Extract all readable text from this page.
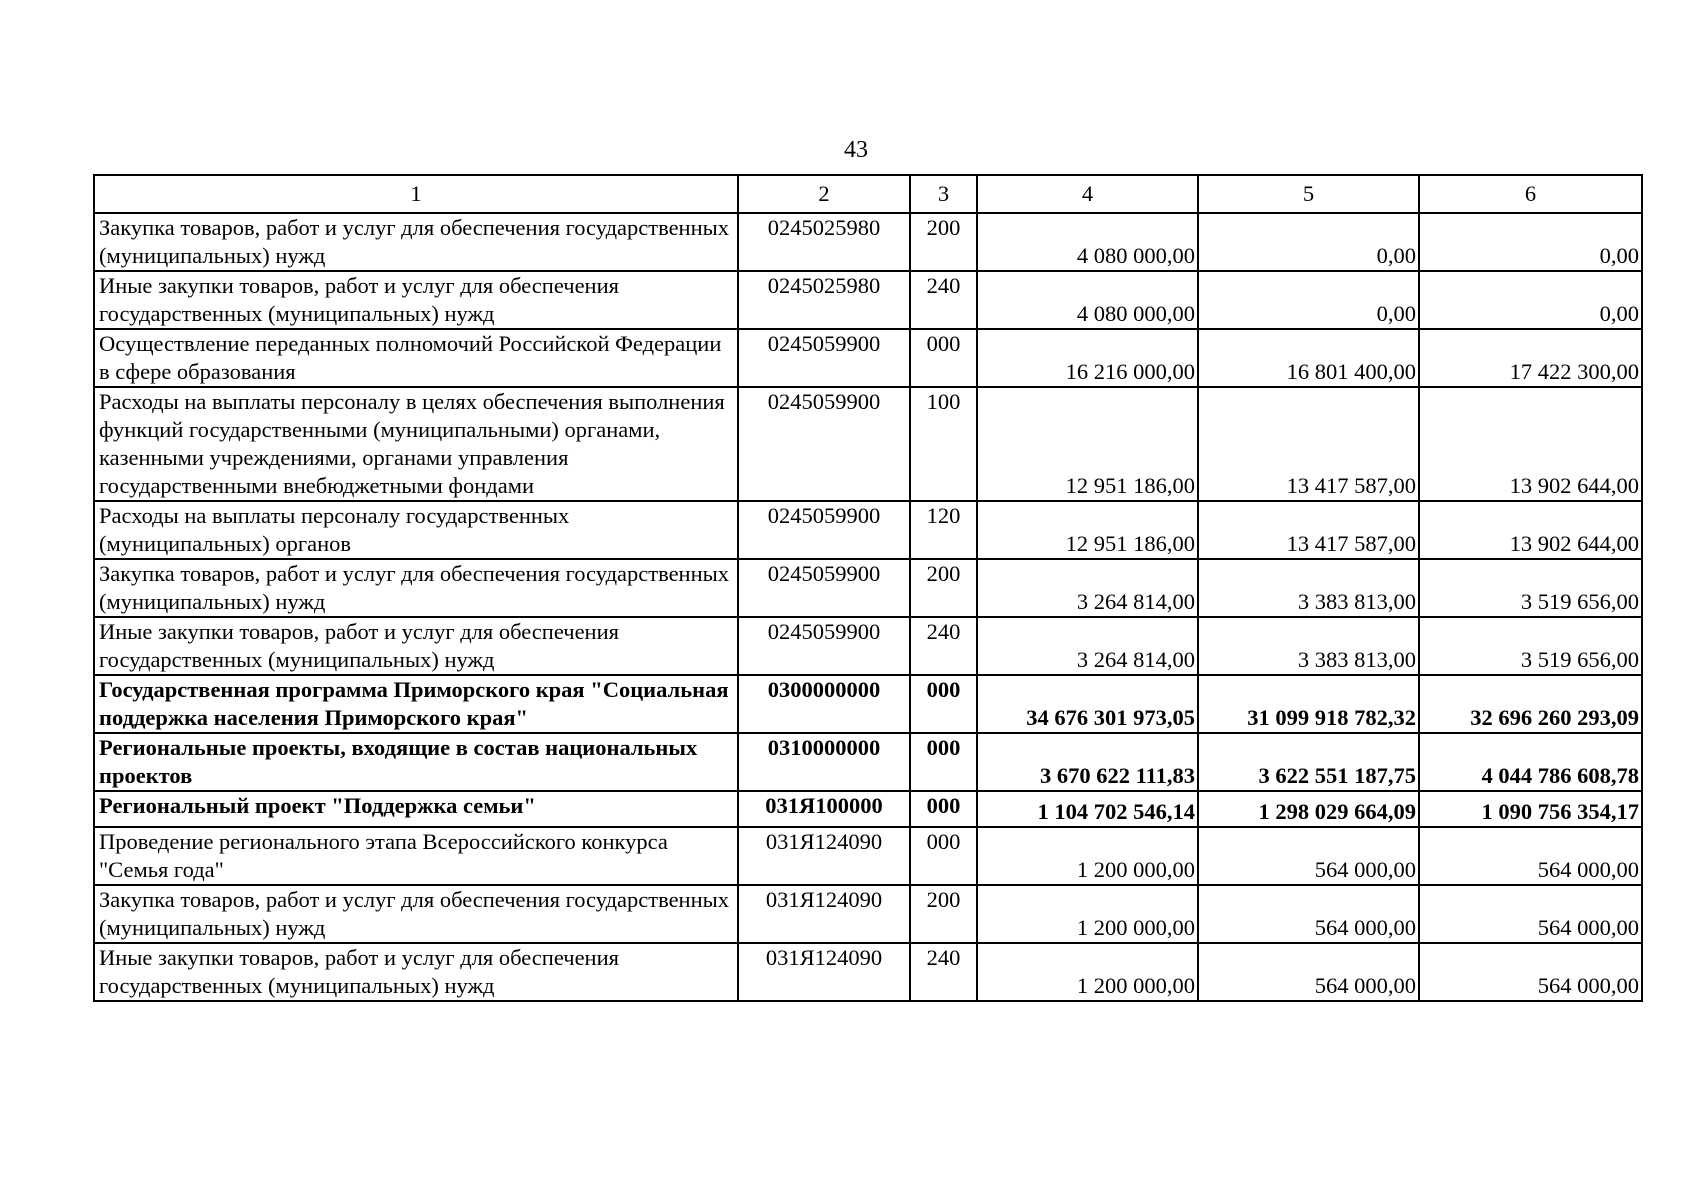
43
1	2	3	4	5	6
Закупка товаров, работ и услуг для обеспечения государственных (муниципальных) нужд	0245025980	200	4 080 000,00	0,00	0,00
Иные закупки товаров, работ и услуг для обеспечения государственных (муниципальных) нужд	0245025980	240	4 080 000,00	0,00	0,00
Осуществление переданных полномочий Российской Федерации в сфере образования	0245059900	000	16 216 000,00	16 801 400,00	17 422 300,00
Расходы на выплаты персоналу в целях обеспечения выполнения функций государственными (муниципальными) органами, казенными учреждениями, органами управления государственными внебюджетными фондами	0245059900	100	12 951 186,00	13 417 587,00	13 902 644,00
Расходы на выплаты персоналу государственных (муниципальных) органов	0245059900	120	12 951 186,00	13 417 587,00	13 902 644,00
Закупка товаров, работ и услуг для обеспечения государственных (муниципальных) нужд	0245059900	200	3 264 814,00	3 383 813,00	3 519 656,00
Иные закупки товаров, работ и услуг для обеспечения государственных (муниципальных) нужд	0245059900	240	3 264 814,00	3 383 813,00	3 519 656,00
Государственная программа Приморского края "Социальная поддержка населения Приморского края"	0300000000	000	34 676 301 973,05	31 099 918 782,32	32 696 260 293,09
Региональные проекты, входящие в состав национальных проектов	0310000000	000	3 670 622 111,83	3 622 551 187,75	4 044 786 608,78
Региональный проект "Поддержка семьи"	031Я100000	000	1 104 702 546,14	1 298 029 664,09	1 090 756 354,17
Проведение регионального этапа Всероссийского конкурса "Семья года"	031Я124090	000	1 200 000,00	564 000,00	564 000,00
Закупка товаров, работ и услуг для обеспечения государственных (муниципальных) нужд	031Я124090	200	1 200 000,00	564 000,00	564 000,00
Иные закупки товаров, работ и услуг для обеспечения государственных (муниципальных) нужд	031Я124090	240	1 200 000,00	564 000,00	564 000,00
